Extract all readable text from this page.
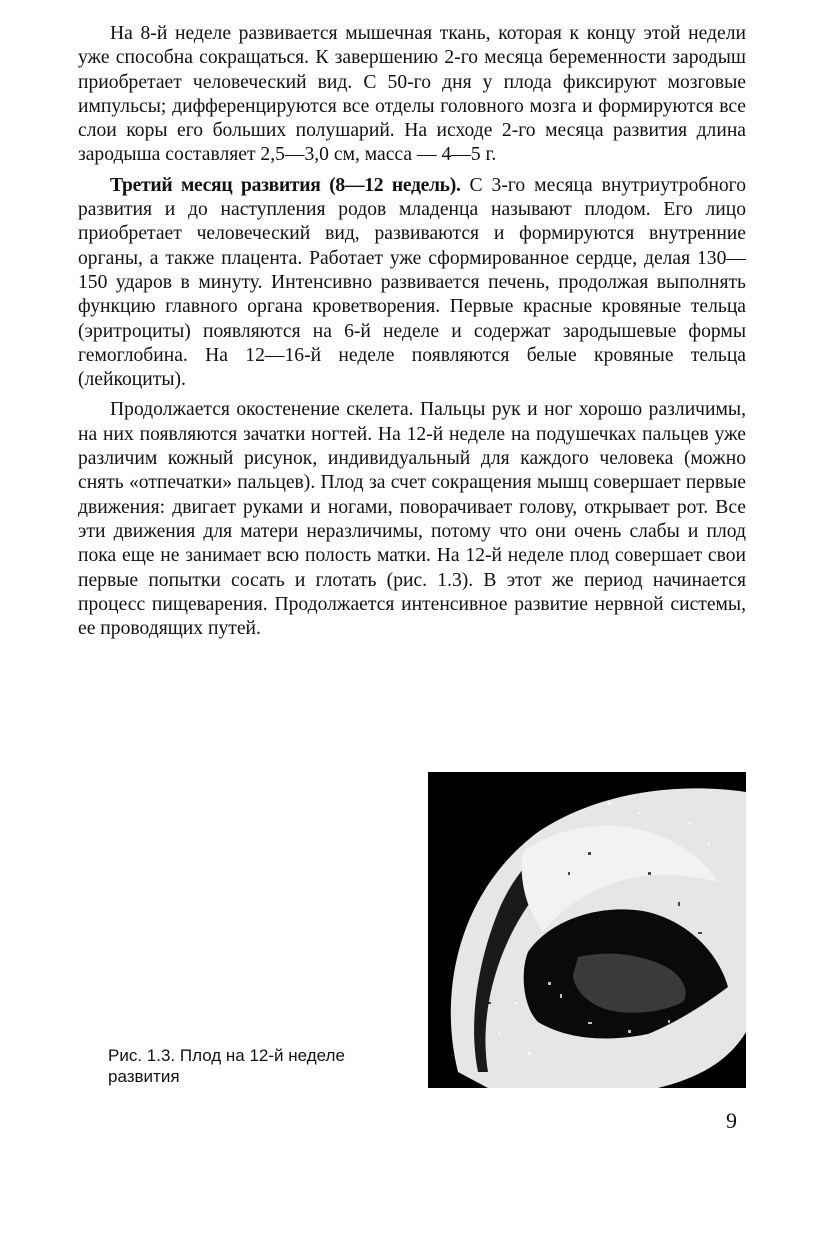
На 8-й неделе развивается мышечная ткань, которая к концу этой недели уже способна сокращаться. К завершению 2-го месяца беременности зародыш приобретает человеческий вид. С 50-го дня у плода фиксируют мозговые импульсы; дифференцируются все отделы головного мозга и формируются все слои коры его больших полушарий. На исходе 2-го месяца развития длина зародыша составляет 2,5—3,0 см, масса — 4—5 г.

Третий месяц развития (8—12 недель). С 3-го месяца внутриутробного развития и до наступления родов младенца называют плодом. Его лицо приобретает человеческий вид, развиваются и формируются внутренние органы, а также плацента. Работает уже сформированное сердце, делая 130—150 ударов в минуту. Интенсивно развивается печень, продолжая выполнять функцию главного органа кроветворения. Первые красные кровяные тельца (эритроциты) появляются на 6-й неделе и содержат зародышевые формы гемоглобина. На 12—16-й неделе появляются белые кровяные тельца (лейкоциты).

Продолжается окостенение скелета. Пальцы рук и ног хорошо различимы, на них появляются зачатки ногтей. На 12-й неделе на подушечках пальцев уже различим кожный рисунок, индивидуальный для каждого человека (можно снять «отпечатки» пальцев). Плод за счет сокращения мышц совершает первые движения: двигает руками и ногами, поворачивает голову, открывает рот. Все эти движения для матери неразличимы, потому что они очень слабы и плод пока еще не занимает всю полость матки. На 12-й неделе плод совершает свои первые попытки сосать и глотать (рис. 1.3). В этот же период начинается процесс пищеварения. Продолжается интенсивное развитие нервной системы, ее проводящих путей.

Рис. 1.3. Плод на 12-й неделе развития

9
